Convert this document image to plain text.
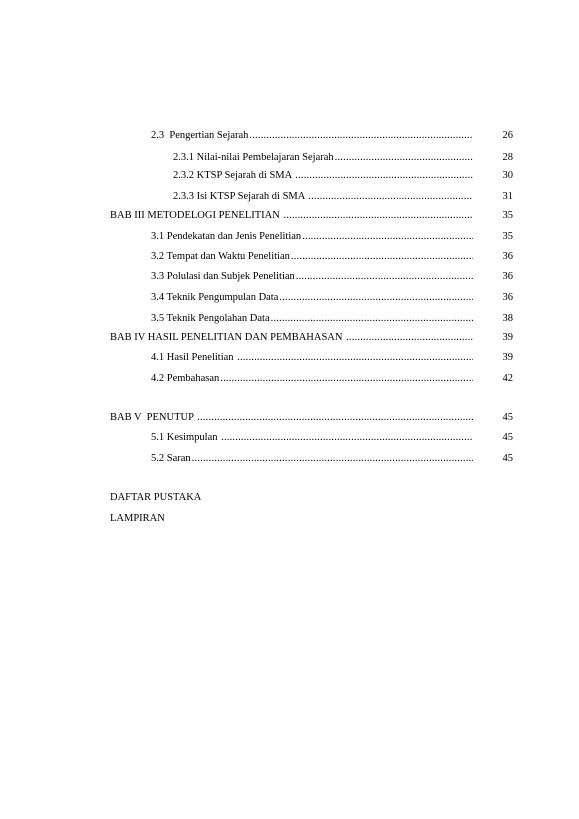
2.3  Pengertian Sejarah .....	26
2.3.1 Nilai-nilai Pembelajaran Sejarah .....	28
2.3.2 KTSP Sejarah di SMA .....	30
2.3.3 Isi KTSP Sejarah di SMA .....	31
BAB III METODELOGI PENELITIAN .....	35
3.1 Pendekatan dan Jenis Penelitian .....	35
3.2 Tempat dan Waktu Penelitian .....	36
3.3 Polulasi dan Subjek Penelitian .....	36
3.4 Teknik Pengumpulan Data .....	36
3.5 Teknik Pengolahan Data .....	38
BAB IV HASIL PENELITIAN DAN PEMBAHASAN .....	39
4.1 Hasil Penelitian .....	39
4.2 Pembahasan .....	42
BAB V  PENUTUP .....	45
5.1 Kesimpulan .....	45
5.2 Saran .....	45
DAFTAR PUSTAKA
LAMPIRAN
